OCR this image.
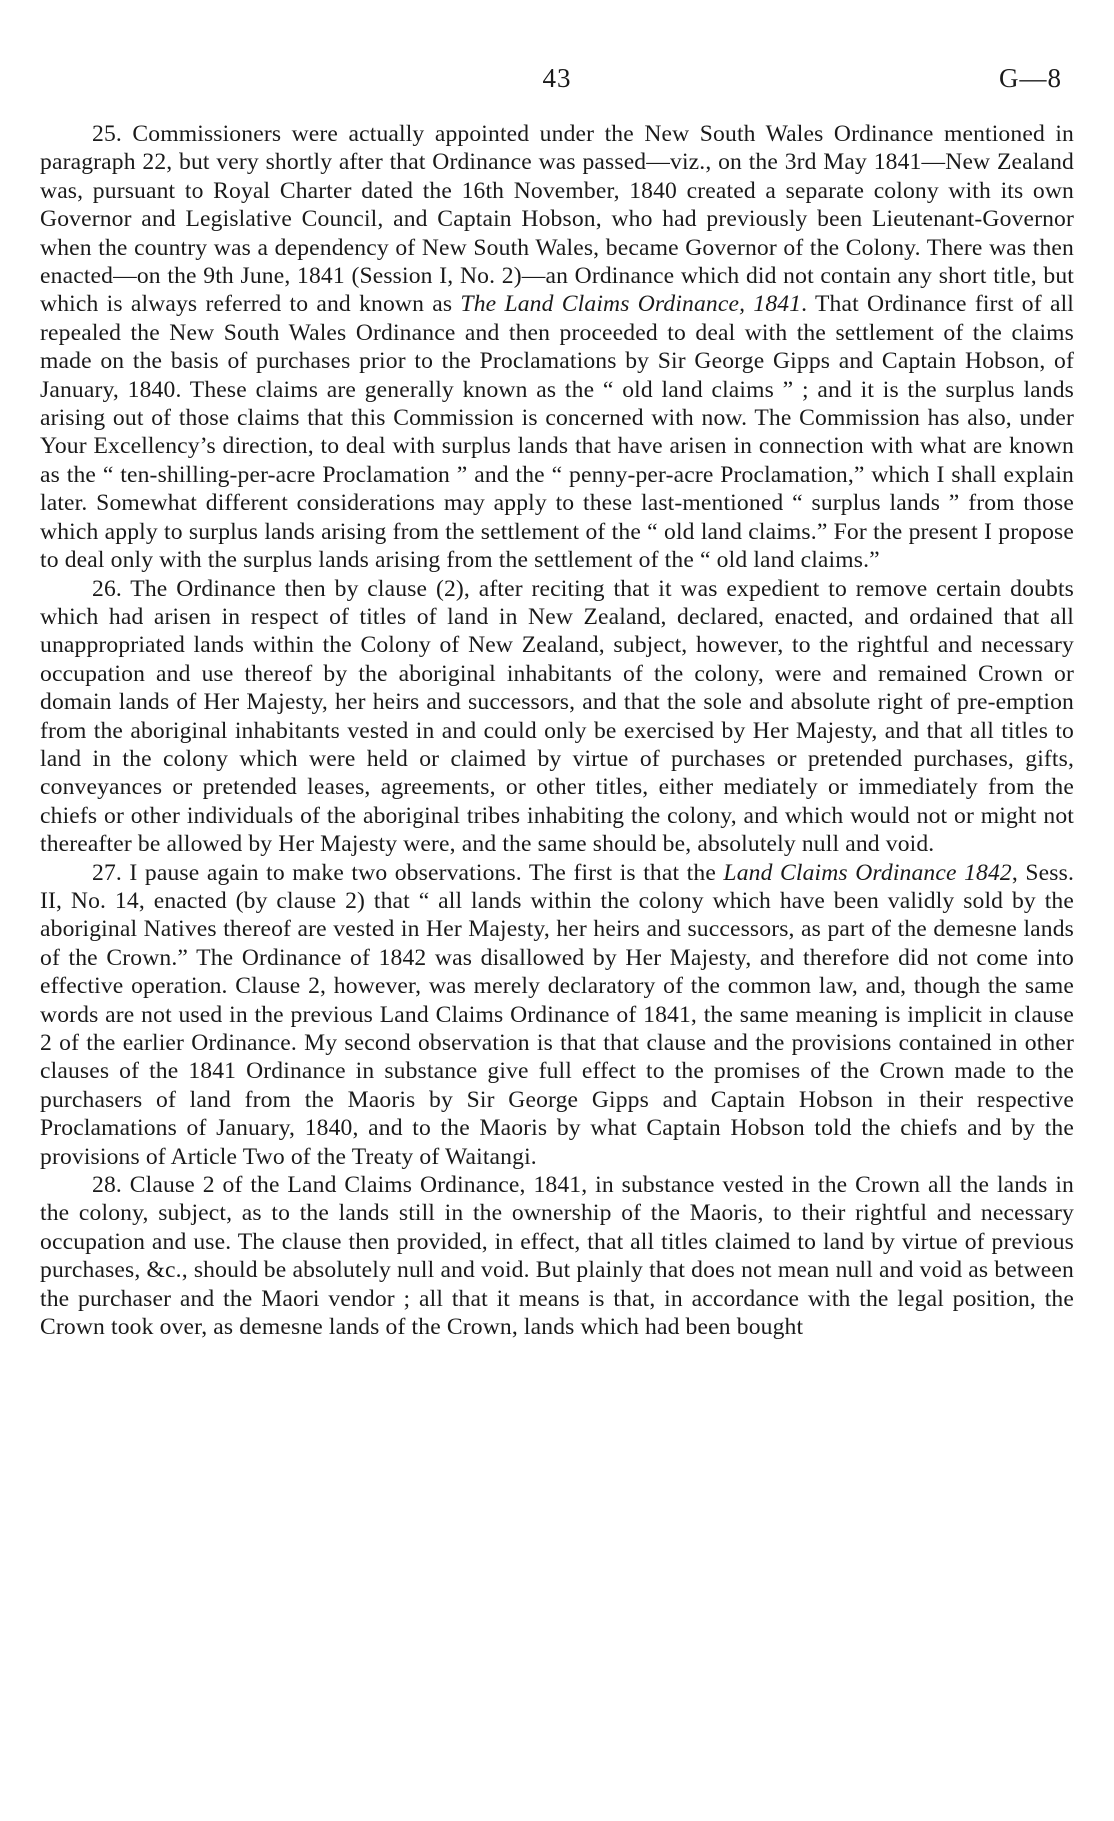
43	G—8

25. Commissioners were actually appointed under the New South Wales Ordinance mentioned in paragraph 22, but very shortly after that Ordinance was passed—viz., on the 3rd May 1841—New Zealand was, pursuant to Royal Charter dated the 16th November, 1840 created a separate colony with its own Governor and Legislative Council, and Captain Hobson, who had previously been Lieutenant-Governor when the country was a dependency of New South Wales, became Governor of the Colony. There was then enacted—on the 9th June, 1841 (Session I, No. 2)—an Ordinance which did not contain any short title, but which is always referred to and known as The Land Claims Ordinance, 1841. That Ordinance first of all repealed the New South Wales Ordinance and then proceeded to deal with the settlement of the claims made on the basis of purchases prior to the Proclamations by Sir George Gipps and Captain Hobson, of January, 1840. These claims are generally known as the “ old land claims ” ; and it is the surplus lands arising out of those claims that this Commission is concerned with now. The Commission has also, under Your Excellency’s direction, to deal with surplus lands that have arisen in connection with what are known as the “ ten-shilling-per-acre Proclamation ” and the “ penny-per-acre Proclamation,” which I shall explain later. Somewhat different considerations may apply to these last-mentioned “ surplus lands ” from those which apply to surplus lands arising from the settlement of the “ old land claims.” For the present I propose to deal only with the surplus lands arising from the settlement of the “ old land claims.”

26. The Ordinance then by clause (2), after reciting that it was expedient to remove certain doubts which had arisen in respect of titles of land in New Zealand, declared, enacted, and ordained that all unappropriated lands within the Colony of New Zealand, subject, however, to the rightful and necessary occupation and use thereof by the aboriginal inhabitants of the colony, were and remained Crown or domain lands of Her Majesty, her heirs and successors, and that the sole and absolute right of pre-emption from the aboriginal inhabitants vested in and could only be exercised by Her Majesty, and that all titles to land in the colony which were held or claimed by virtue of purchases or pretended purchases, gifts, conveyances or pretended leases, agreements, or other titles, either mediately or immediately from the chiefs or other individuals of the aboriginal tribes inhabiting the colony, and which would not or might not thereafter be allowed by Her Majesty were, and the same should be, absolutely null and void.

27. I pause again to make two observations. The first is that the Land Claims Ordinance 1842, Sess. II, No. 14, enacted (by clause 2) that “ all lands within the colony which have been validly sold by the aboriginal Natives thereof are vested in Her Majesty, her heirs and successors, as part of the demesne lands of the Crown.” The Ordinance of 1842 was disallowed by Her Majesty, and therefore did not come into effective operation. Clause 2, however, was merely declaratory of the common law, and, though the same words are not used in the previous Land Claims Ordinance of 1841, the same meaning is implicit in clause 2 of the earlier Ordinance. My second observation is that that clause and the provisions contained in other clauses of the 1841 Ordinance in substance give full effect to the promises of the Crown made to the purchasers of land from the Maoris by Sir George Gipps and Captain Hobson in their respective Proclamations of January, 1840, and to the Maoris by what Captain Hobson told the chiefs and by the provisions of Article Two of the Treaty of Waitangi.

28. Clause 2 of the Land Claims Ordinance, 1841, in substance vested in the Crown all the lands in the colony, subject, as to the lands still in the ownership of the Maoris, to their rightful and necessary occupation and use. The clause then provided, in effect, that all titles claimed to land by virtue of previous purchases, &c., should be absolutely null and void. But plainly that does not mean null and void as between the purchaser and the Maori vendor ; all that it means is that, in accordance with the legal position, the Crown took over, as demesne lands of the Crown, lands which had been bought
